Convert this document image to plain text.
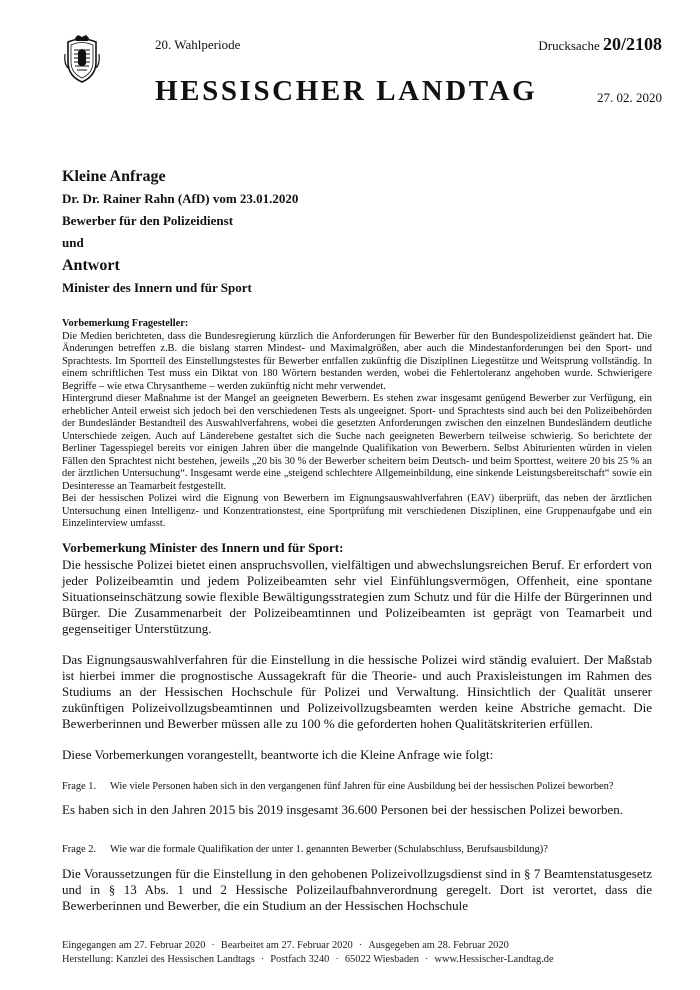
20. Wahlperiode	Drucksache 20/2108
HESSISCHER LANDTAG	27. 02. 2020
Kleine Anfrage
Dr. Dr. Rainer Rahn (AfD) vom 23.01.2020
Bewerber für den Polizeidienst
und
Antwort
Minister des Innern und für Sport

Vorbemerkung Fragesteller:

Die Medien berichteten, dass die Bundesregierung kürzlich die Anforderungen für Bewerber für den Bundespolizeidienst geändert hat. Die Änderungen betreffen z.B. die bislang starren Mindest- und Maximalgrößen, aber auch die Mindestanforderungen bei den Sport- und Sprachtests. Im Sportteil des Einstellungstestes für Bewerber entfallen zukünftig die Disziplinen Liegestütze und Weitsprung vollständig. In einem schriftlichen Test muss ein Diktat von 180 Wörtern bestanden werden, wobei die Fehlertoleranz angehoben wurde. Schwierigere Begriffe – wie etwa Chrysantheme – werden zukünftig nicht mehr verwendet.

Hintergrund dieser Maßnahme ist der Mangel an geeigneten Bewerbern. Es stehen zwar insgesamt genügend Bewerber zur Verfügung, ein erheblicher Anteil erweist sich jedoch bei den verschiedenen Tests als ungeeignet. Sport- und Sprachtests sind auch bei den Polizeibehörden der Bundesländer Bestandteil des Auswahlverfahrens, wobei die gesetzten Anforderungen zwischen den einzelnen Bundesländern deutliche Unterschiede zeigen. Auch auf Länderebene gestaltet sich die Suche nach geeigneten Bewerbern teilweise schwierig. So berichtete der Berliner Tagesspiegel bereits vor einigen Jahren über die mangelnde Qualifikation von Bewerbern. Selbst Abiturienten würden in vielen Fällen den Sprachtest nicht bestehen, jeweils „20 bis 30 % der Bewerber scheitern beim Deutsch- und beim Sporttest, weitere 20 bis 25 % an der ärztlichen Untersuchung“. Insgesamt werde eine „steigend schlechtere Allgemeinbildung, eine sinkende Leistungsbereitschaft“ sowie ein Desinteresse an Teamarbeit festgestellt.

Bei der hessischen Polizei wird die Eignung von Bewerbern im Eignungsauswahlverfahren (EAV) überprüft, das neben der ärztlichen Untersuchung einen Intelligenz- und Konzentrationstest, eine Sportprüfung mit verschiedenen Disziplinen, eine Gruppenaufgabe und ein Einzelinterview umfasst.

Vorbemerkung Minister des Innern und für Sport:

Die hessische Polizei bietet einen anspruchsvollen, vielfältigen und abwechslungsreichen Beruf. Er erfordert von jeder Polizeibeamtin und jedem Polizeibeamten sehr viel Einfühlungsvermögen, Offenheit, eine spontane Situationseinschätzung sowie flexible Bewältigungsstrategien zum Schutz und für die Hilfe der Bürgerinnen und Bürger. Die Zusammenarbeit der Polizeibeamtinnen und Polizeibeamten ist geprägt von Teamarbeit und gegenseitiger Unterstützung.

Das Eignungsauswahlverfahren für die Einstellung in die hessische Polizei wird ständig evaluiert. Der Maßstab ist hierbei immer die prognostische Aussagekraft für die Theorie- und auch Praxisleistungen im Rahmen des Studiums an der Hessischen Hochschule für Polizei und Verwaltung. Hinsichtlich der Qualität unserer zukünftigen Polizeivollzugsbeamtinnen und Polizeivollzugsbeamten werden keine Abstriche gemacht. Die Bewerberinnen und Bewerber müssen alle zu 100 % die geforderten hohen Qualitätskriterien erfüllen.

Diese Vorbemerkungen vorangestellt, beantworte ich die Kleine Anfrage wie folgt:

Frage 1.	Wie viele Personen haben sich in den vergangenen fünf Jahren für eine Ausbildung bei der hessischen Polizei beworben?
Es haben sich in den Jahren 2015 bis 2019 insgesamt 36.600 Personen bei der hessischen Polizei beworben.
Frage 2.	Wie war die formale Qualifikation der unter 1. genannten Bewerber (Schulabschluss, Berufsausbildung)?
Die Voraussetzungen für die Einstellung in den gehobenen Polizeivollzugsdienst sind in § 7 Beamtenstatusgesetz und in § 13 Abs. 1 und 2 Hessische Polizeilaufbahnverordnung geregelt. Dort ist verortet, dass die Bewerberinnen und Bewerber, die ein Studium an der Hessischen Hochschule
Eingegangen am 27. Februar 2020 · Bearbeitet am 27. Februar 2020 · Ausgegeben am 28. Februar 2020
Herstellung: Kanzlei des Hessischen Landtags · Postfach 3240 · 65022 Wiesbaden · www.Hessischer-Landtag.de
